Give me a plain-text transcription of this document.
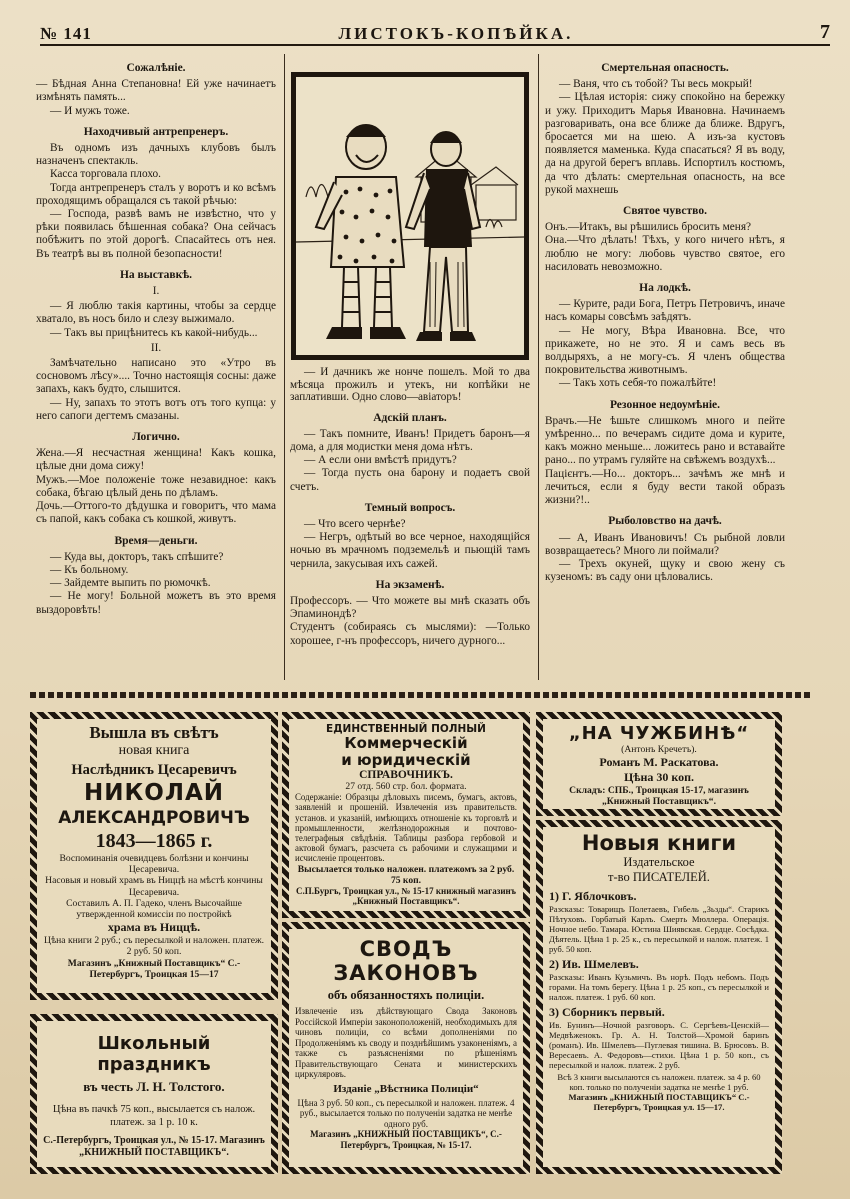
№ 141	ЛИСТОКЪ-КОПѢЙКА.	7
Сожалѣніе.

— Бѣдная Анна Степановна! Ей уже начинаетъ измѣнять память...

— И мужъ тоже.

Находчивый антрепренеръ.

Въ одномъ изъ дачныхъ клубовъ былъ назначенъ спектакль.

Касса торговала плохо.

Тогда антрепренеръ сталъ у воротъ и ко всѣмъ проходящимъ обращался съ такой рѣчью:

— Господа, развѣ вамъ не извѣстно, что у рѣки появилась бѣшенная собака? Она сейчасъ побѣжитъ по этой дорогѣ. Спасайтесь отъ нея. Въ театрѣ вы въ полной безопасности!

На выставкѣ.
I.

— Я люблю такія картины, чтобы за сердце хватало, въ носъ било и слезу выжимало.

— Такъ вы прицѣнитесь къ какой-нибудь...

II.

Замѣчательно написано это «Утро въ сосновомъ лѣсу».... Точно настоящія сосны: даже запахъ, какъ будто, слышится.

— Ну, запахъ то этотъ вотъ отъ того купца: у него сапоги дегтемъ смазаны.

Логично.

Жена.—Я несчастная женщина! Какъ кошка, цѣлые дни дома сижу!

Мужъ.—Мое положеніе тоже незавидное: какъ собака, бѣгаю цѣлый день по дѣламъ.

Дочь.—Оттого-то дѣдушка и говоритъ, что мама съ папой, какъ собака съ кошкой, живутъ.

Время—деньги.

— Куда вы, докторъ, такъ спѣшите?

— Къ больному.

— Зайдемте выпить по рюмочкѣ.

— Не могу! Больной можетъ въ это время выздоровѣть!

— И дачникъ же нонче пошелъ. Мой то два мѣсяца прожилъ и утекъ, ни копѣйки не заплативши. Одно слово—авіаторъ!

Адскій планъ.

— Такъ помните, Иванъ! Придетъ баронъ—я дома, а для модистки меня дома нѣтъ.

— А если они вмѣстѣ придутъ?

— Тогда пусть она барону и подаетъ свой счетъ.

Темный вопросъ.

— Что всего чернѣе?

— Негръ, одѣтый во все черное, находящійся ночью въ мрачномъ подземельѣ и пьющій тамъ чернила, закусывая ихъ сажей.

На экзаменѣ.

Профессоръ. — Что можете вы мнѣ сказать объ Эпаминондѣ?

Студентъ (собираясь съ мыслями): —Только хорошее, г-нъ профессоръ, ничего дурного...

Смертельная опасность.

— Ваня, что съ тобой? Ты весь мокрый!

— Цѣлая исторія: сижу спокойно на бережку и ужу. Приходитъ Марья Ивановна. Начинаемъ разговаривать, она все ближе да ближе. Вдругъ, бросается ми на шею. А изъ-за кустовъ появляется маменька. Куда спасаться? Я въ воду, да на другой берегъ вплавь. Испортилъ костюмъ, да что дѣлать: смертельная опасность, на все рукой махнешь

Святое чувство.

Онъ.—Итакъ, вы рѣшились бросить меня?

Она.—Что дѣлать! Тѣхъ, у кого ничего нѣтъ, я люблю не могу: любовь чувство святое, его насиловать невозможно.

На лодкѣ.

— Курите, ради Бога, Петръ Петровичъ, иначе насъ комары совсѣмъ заѣдятъ.

— Не могу, Вѣра Ивановна. Все, что прикажете, но не это. Я и самъ весь въ волдыряхъ, а не могу-съ. Я членъ общества покровительства животнымъ.

— Такъ хоть себя-то пожалѣйте!

Резонное недоумѣніе.

Врачъ.—Не ѣшьте слишкомъ много и пейте умѣренно... по вечерамъ сидите дома и курите, какъ можно меньше... ложитесь рано и вставайте рано... по утрамъ гуляйте на свѣжемъ воздухѣ...

Пацієнтъ.—Но... докторъ... зачѣмъ же мнѣ и лечиться, если я буду вести такой образъ жизни?!..

Рыболовство на дачѣ.

— А, Иванъ Ивановичъ! Съ рыбной ловли возвращаетесь? Много ли поймали?

— Трехъ окуней, щуку и свою жену съ кузеномъ: въ саду они цѣловались.

Вышла въ свѣтъ
новая книга
Наслѣдникъ Цесаревичъ
НИКОЛАЙ
АЛЕКСАНДРОВИЧЪ
1843—1865 г.
Воспоминанія очевидцевъ болѣзни и кончины Цесаревича.
Насовыя и новый храмъ въ Ниццѣ на мѣстѣ кончины Цесаревича.
Составилъ А. П. Гадеко, членъ Высочайше утвержденной комиссіи по постройкѣ
храма въ Ниццѣ.
Цѣна книги 2 руб.; съ пересылкой и наложен. платеж. 2 руб. 50 коп.
Магазинъ „Книжный Поставщикъ“ С.-Петербургъ, Троицкая 15—17
ЕДИНСТВЕННЫЙ ПОЛНЫЙ
Коммерческій
и юридическій
СПРАВОЧНИКЪ.
27 отд. 560 стр. бол. формата.
Содержаніе: Образцы дѣловыхъ писемъ, бумагъ, актовъ, заявленій и прошеній. Извлеченія изъ правительств. установ. и указаній, имѣющихъ отношеніе къ торговлѣ и промышленности, желѣзнодорожныя и почтово-телеграфныя свѣдѣнія. Таблицы разбора гербовой и актовой бумагъ, разсчета съ рабочими и служащими и исчисленіе процентовъ.
Высылается только наложен. платежомъ за 2 руб. 75 коп.
С.П.Бургъ, Троицкая ул., № 15-17 книжный магазинъ „Книжный Поставщикъ“.
„НА ЧУЖБИНѢ“
(Антонъ Кречетъ).
Романъ М. Раскатова.
Цѣна 30 коп.
Складъ: СПБ., Троицкая 15-17, магазинъ „Книжный Поставщикъ“.
Школьный праздникъ
въ честь Л. Н. Толстого.
Цѣна въ пачкѣ 75 коп., высылается съ налож. платеж. за 1 р. 10 к.
С.-Петербургъ, Троицкая ул., № 15-17. Магазинъ „КНИЖНЫЙ ПОСТАВЩИКЪ“.
СВОДЪ ЗАКОНОВЪ
объ обязанностяхъ полиціи.
Извлеченіе изъ дѣйствующаго Свода Законовъ Россійской Имперіи законоположеній, необходимыхъ для чиновъ полиціи, со всѣми дополненіями по Продолженіямъ къ своду и позднѣйшимъ узаконеніямъ, а также съ разъясненіями по рѣшеніямъ Правительствующаго Сената и министерскихъ циркуляровъ.
Изданіе „Вѣстника Полиціи“
Цѣна 3 руб. 50 коп., съ пересылкой и наложен. платеж. 4 руб., высылается только по полученіи задатка не менѣе одного руб.
Магазинъ „КНИЖНЫЙ ПОСТАВЩИКЪ“, С.-Петербургъ, Троицкая, № 15-17.
Новыя книги
Издательское
т-во ПИСАТЕЛЕЙ.
1) Г. Яблочковъ.
Разсказы: Товарищъ Полетаевъ, Гибель „Зьзды“. Старикъ Пѣтуховъ. Горбатый Карлъ. Смерть Мюллера. Операція. Ночное небо. Тамара. Юстина Шиявская. Сердце. Сосѣдка. Дѣятель. Цѣна 1 р. 25 к., съ пересылкой и налож. платеж. 1 руб. 50 коп.
2) Ив. Шмелевъ.
Разсказы: Иванъ Кузьмичъ. Въ норѣ. Подъ небомъ. Подъ горами. На томъ берегу. Цѣна 1 р. 25 коп., съ пересылкой и налож. платеж. 1 руб. 60 коп.
3) Сборникъ первый.
Ив. Бунинъ—Ночной разговоръ. С. Сергѣевъ-Ценскій—Медвѣженокъ. Гр. А. Н. Толстой—Хромой баринъ (романъ). Ив. Шмелевъ—Пуглевая тишина. В. Брюсовъ. В. Вересаевъ. А. Федоровъ—стихи. Цѣна 1 р. 50 коп., съ пересылкой и налож. платеж. 2 руб.
Всѣ 3 книги высылаются съ наложен. платеж. за 4 р. 60 коп. только по полученіи задатка не менѣе 1 руб.
Магазинъ „КНИЖНЫЙ ПОСТАВЩИКЪ“ С.-Петербургъ, Троицкая ул. 15—17.
